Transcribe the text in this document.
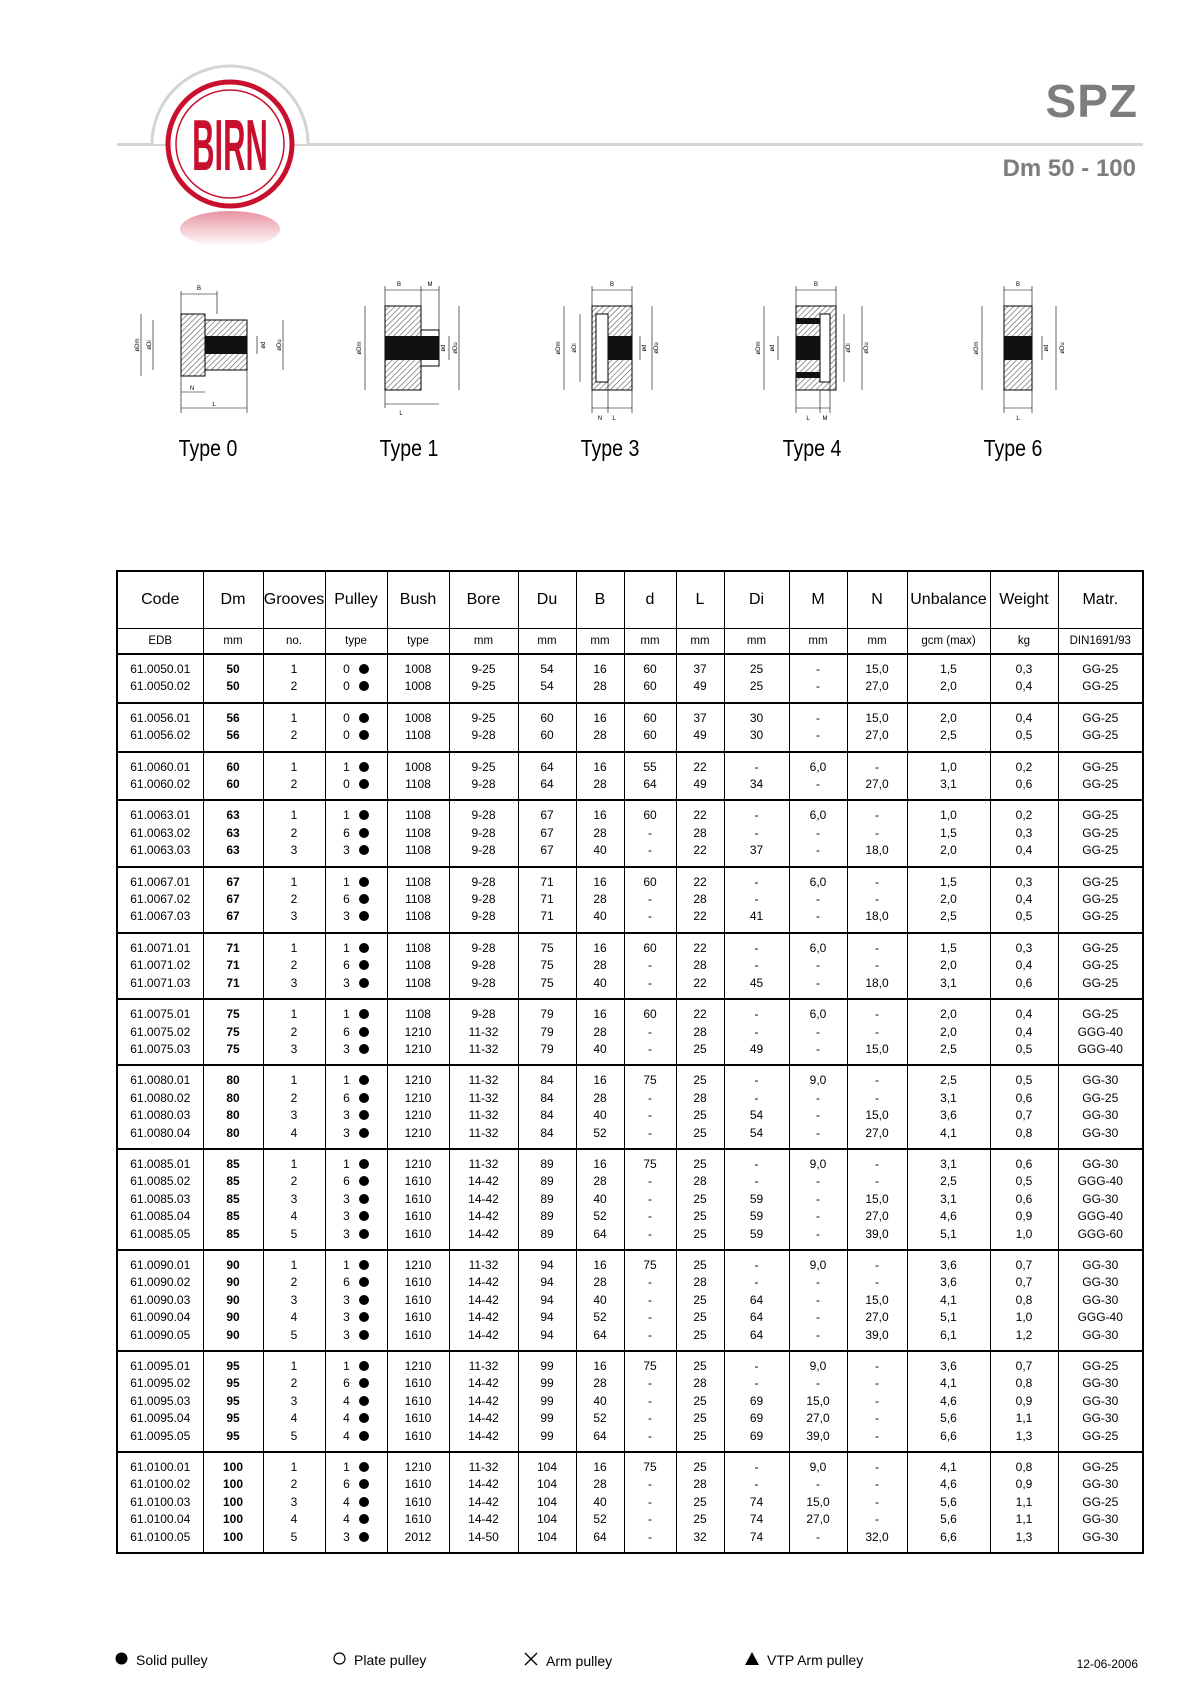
BIRN
SPZ
Dm 50 - 100
B
N
L
øDm øDi	ød øDu
B	M
L
øDm	ød øDu
B
N L
øDm øDi	ød øDu
B
L M
øDm ød	øDi øDu
B
L
øDm	ød øDu
Type 0	Type 1	Type 3	Type 4	Type 6
Code	Dm	Grooves	Pulley	Bush	Bore	Du	B	d	L	Di	M	N	Unbalance	Weight	Matr.
EDB	mm	no.	type	type	mm	mm	mm	mm	mm	mm	mm	mm	gcm (max)	kg	DIN1691/93
61.0050.01	50	1	0	1008	9-25	54	16	60	37	25	-	15,0	1,5	0,3	GG-25
61.0050.02	50	2	0	1008	9-25	54	28	60	49	25	-	27,0	2,0	0,4	GG-25
61.0056.01	56	1	0	1008	9-25	60	16	60	37	30	-	15,0	2,0	0,4	GG-25
61.0056.02	56	2	0	1108	9-28	60	28	60	49	30	-	27,0	2,5	0,5	GG-25
61.0060.01	60	1	1	1008	9-25	64	16	55	22	-	6,0	-	1,0	0,2	GG-25
61.0060.02	60	2	0	1108	9-28	64	28	64	49	34	-	27,0	3,1	0,6	GG-25
61.0063.01	63	1	1	1108	9-28	67	16	60	22	-	6,0	-	1,0	0,2	GG-25
61.0063.02	63	2	6	1108	9-28	67	28	-	28	-	-	-	1,5	0,3	GG-25
61.0063.03	63	3	3	1108	9-28	67	40	-	22	37	-	18,0	2,0	0,4	GG-25
61.0067.01	67	1	1	1108	9-28	71	16	60	22	-	6,0	-	1,5	0,3	GG-25
61.0067.02	67	2	6	1108	9-28	71	28	-	28	-	-	-	2,0	0,4	GG-25
61.0067.03	67	3	3	1108	9-28	71	40	-	22	41	-	18,0	2,5	0,5	GG-25
61.0071.01	71	1	1	1108	9-28	75	16	60	22	-	6,0	-	1,5	0,3	GG-25
61.0071.02	71	2	6	1108	9-28	75	28	-	28	-	-	-	2,0	0,4	GG-25
61.0071.03	71	3	3	1108	9-28	75	40	-	22	45	-	18,0	3,1	0,6	GG-25
61.0075.01	75	1	1	1108	9-28	79	16	60	22	-	6,0	-	2,0	0,4	GG-25
61.0075.02	75	2	6	1210	11-32	79	28	-	28	-	-	-	2,0	0,4	GGG-40
61.0075.03	75	3	3	1210	11-32	79	40	-	25	49	-	15,0	2,5	0,5	GGG-40
61.0080.01	80	1	1	1210	11-32	84	16	75	25	-	9,0	-	2,5	0,5	GG-30
61.0080.02	80	2	6	1210	11-32	84	28	-	28	-	-	-	3,1	0,6	GG-25
61.0080.03	80	3	3	1210	11-32	84	40	-	25	54	-	15,0	3,6	0,7	GG-30
61.0080.04	80	4	3	1210	11-32	84	52	-	25	54	-	27,0	4,1	0,8	GG-30
61.0085.01	85	1	1	1210	11-32	89	16	75	25	-	9,0	-	3,1	0,6	GG-30
61.0085.02	85	2	6	1610	14-42	89	28	-	28	-	-	-	2,5	0,5	GGG-40
61.0085.03	85	3	3	1610	14-42	89	40	-	25	59	-	15,0	3,1	0,6	GG-30
61.0085.04	85	4	3	1610	14-42	89	52	-	25	59	-	27,0	4,6	0,9	GGG-40
61.0085.05	85	5	3	1610	14-42	89	64	-	25	59	-	39,0	5,1	1,0	GGG-60
61.0090.01	90	1	1	1210	11-32	94	16	75	25	-	9,0	-	3,6	0,7	GG-30
61.0090.02	90	2	6	1610	14-42	94	28	-	28	-	-	-	3,6	0,7	GG-30
61.0090.03	90	3	3	1610	14-42	94	40	-	25	64	-	15,0	4,1	0,8	GG-30
61.0090.04	90	4	3	1610	14-42	94	52	-	25	64	-	27,0	5,1	1,0	GGG-40
61.0090.05	90	5	3	1610	14-42	94	64	-	25	64	-	39,0	6,1	1,2	GG-30
61.0095.01	95	1	1	1210	11-32	99	16	75	25	-	9,0	-	3,6	0,7	GG-25
61.0095.02	95	2	6	1610	14-42	99	28	-	28	-	-	-	4,1	0,8	GG-30
61.0095.03	95	3	4	1610	14-42	99	40	-	25	69	15,0	-	4,6	0,9	GG-30
61.0095.04	95	4	4	1610	14-42	99	52	-	25	69	27,0	-	5,6	1,1	GG-30
61.0095.05	95	5	4	1610	14-42	99	64	-	25	69	39,0	-	6,6	1,3	GG-25
61.0100.01	100	1	1	1210	11-32	104	16	75	25	-	9,0	-	4,1	0,8	GG-25
61.0100.02	100	2	6	1610	14-42	104	28	-	28	-	-	-	4,6	0,9	GG-30
61.0100.03	100	3	4	1610	14-42	104	40	-	25	74	15,0	-	5,6	1,1	GG-25
61.0100.04	100	4	4	1610	14-42	104	52	-	25	74	27,0	-	5,6	1,1	GG-30
61.0100.05	100	5	3	2012	14-50	104	64	-	32	74	-	32,0	6,6	1,3	GG-30
Solid pulley	Plate pulley	Arm pulley	VTP Arm pulley	12-06-2006
